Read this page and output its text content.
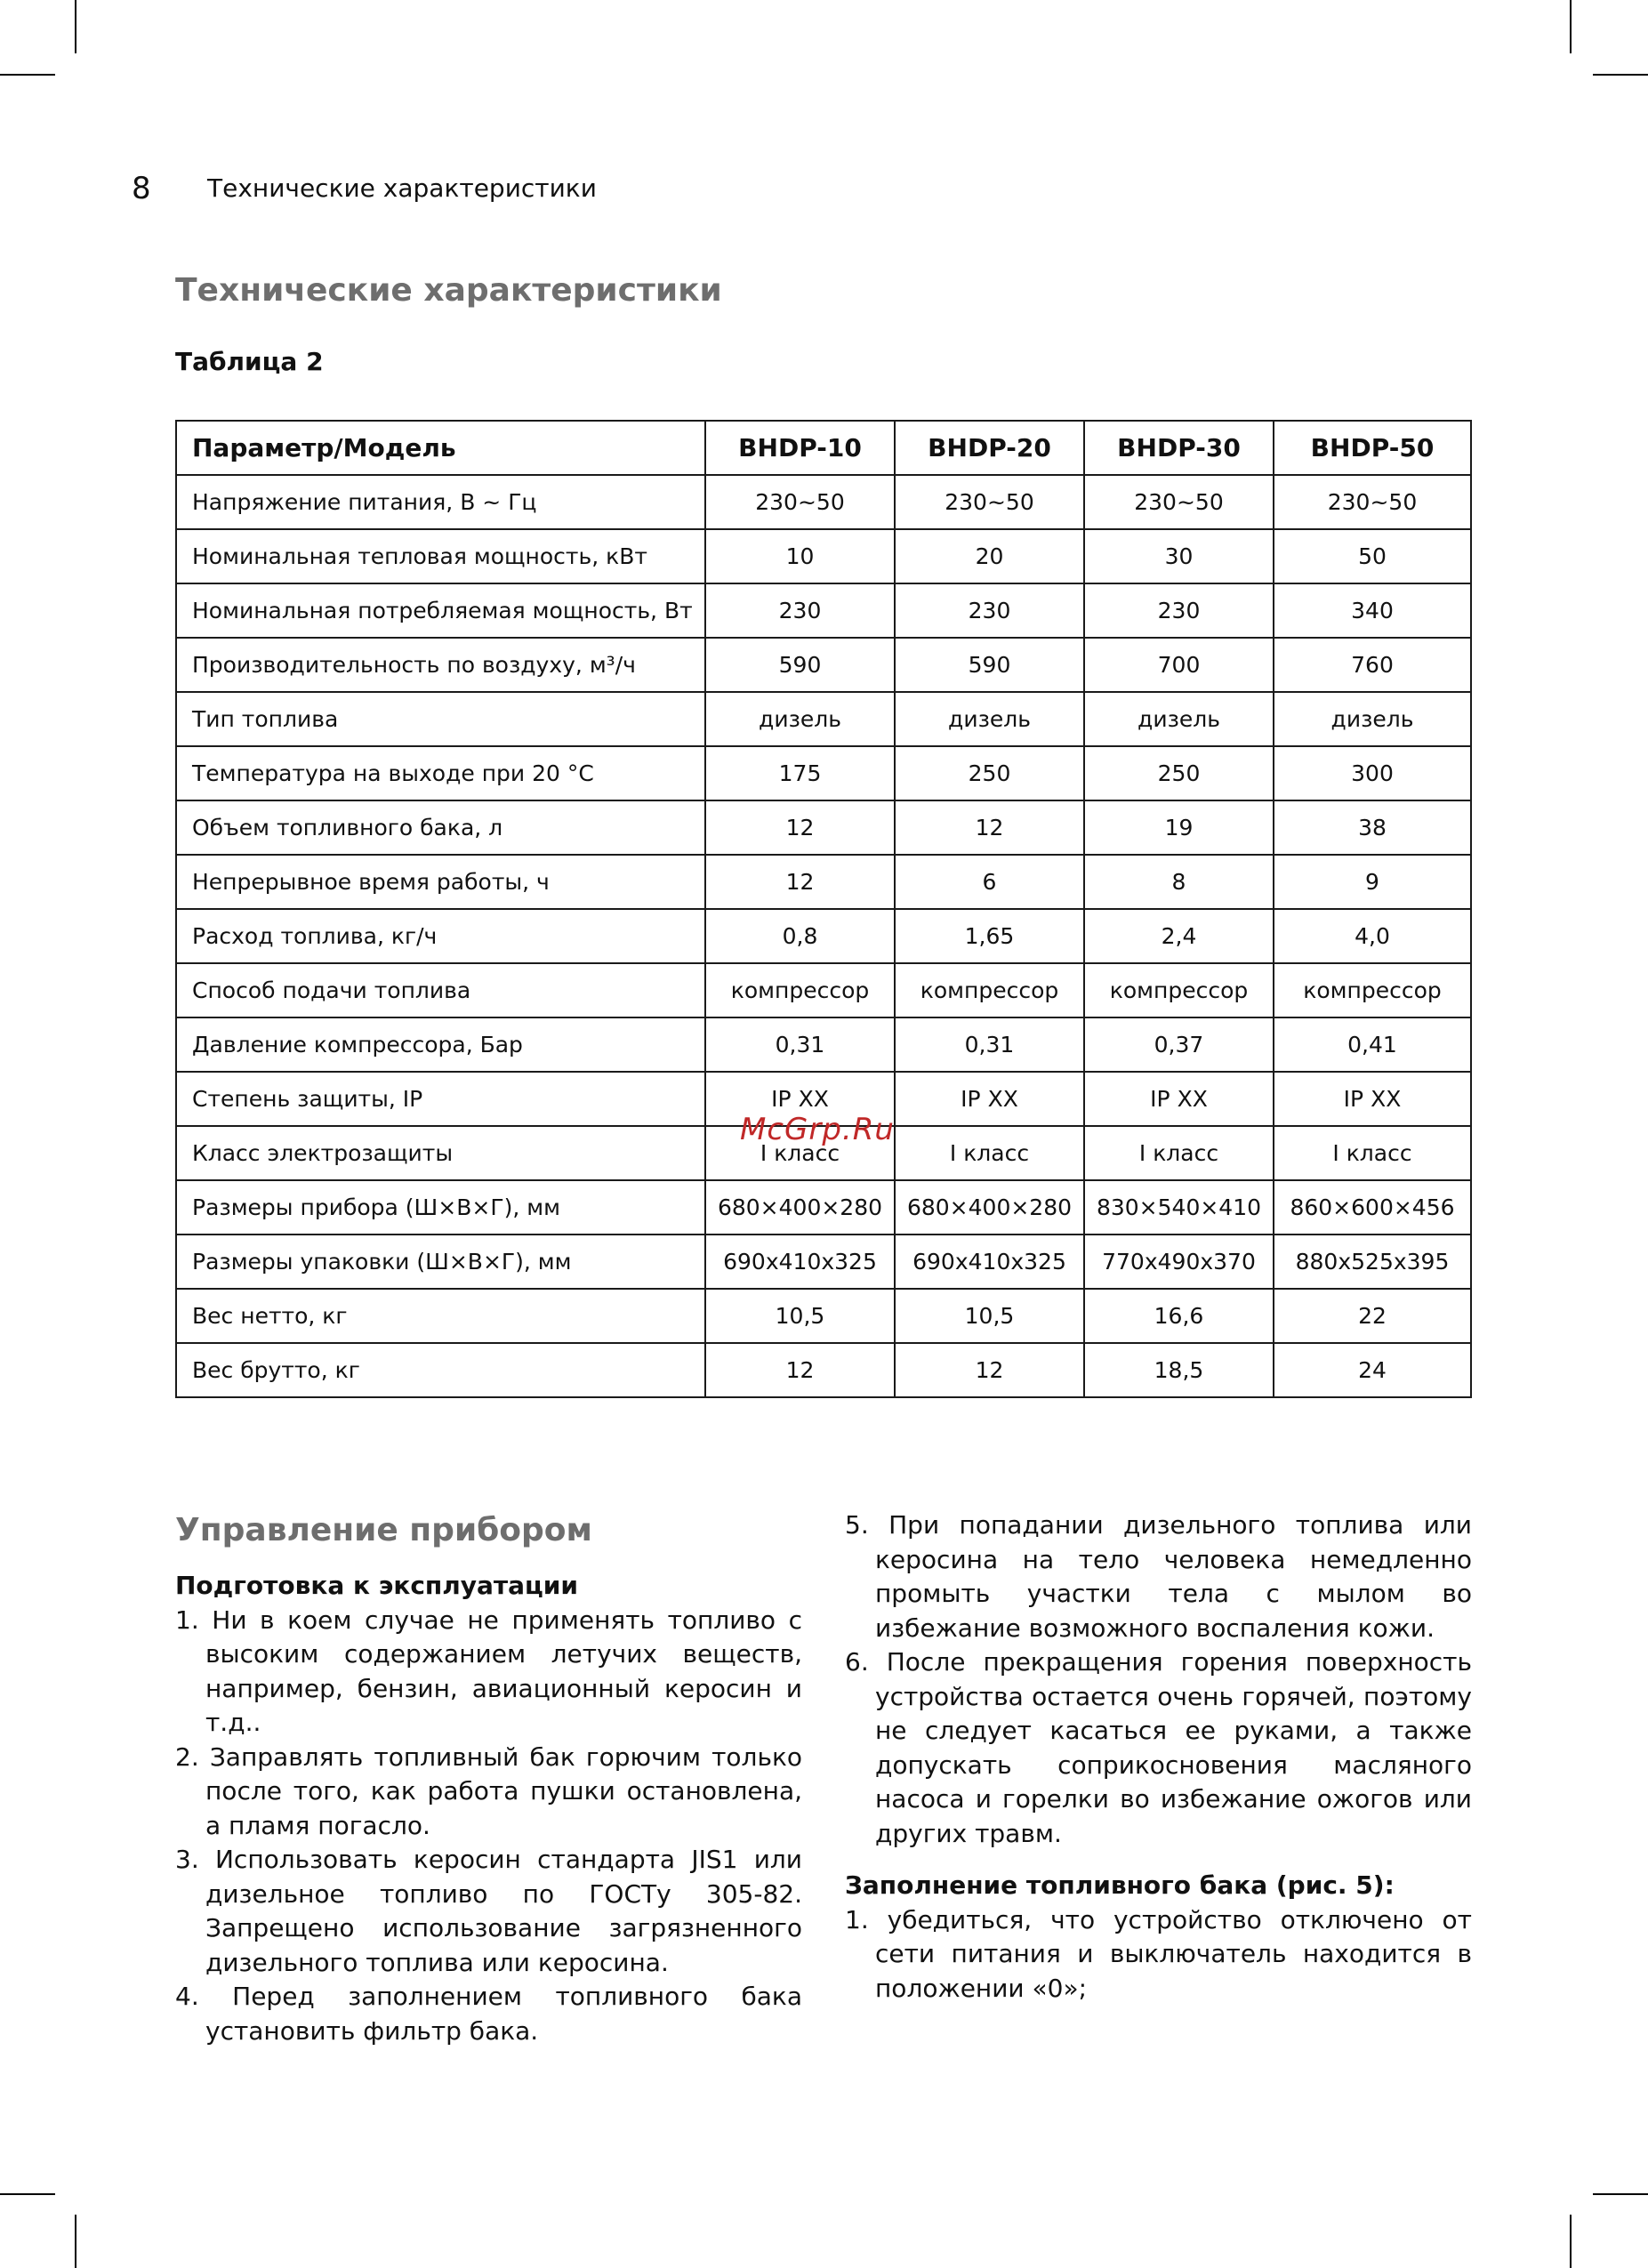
8 Технические характеристики
Технические характеристики
Таблица 2
Параметр/Модель	BHDP-10	BHDP-20	BHDP-30	BHDP-50
Напряжение питания, В ~ Гц	230~50	230~50	230~50	230~50
Номинальная тепловая мощность, кВт	10	20	30	50
Номинальная потребляемая мощность, Вт	230	230	230	340
Производительность по воздуху, м³/ч	590	590	700	760
Тип топлива	дизель	дизель	дизель	дизель
Температура на выходе при 20 °С	175	250	250	300
Объем топливного бака, л	12	12	19	38
Непрерывное время работы, ч	12	6	8	9
Расход топлива, кг/ч	0,8	1,65	2,4	4,0
Способ подачи топлива	компрессор	компрессор	компрессор	компрессор
Давление компрессора, Бар	0,31	0,31	0,37	0,41
Степень защиты, IP	IP XX	IP XX	IP XX	IP XX
Класс электрозащиты	I класс	I класс	I класс	I класс
Размеры прибора (Ш×В×Г), мм	680×400×280	680×400×280	830×540×410	860×600×456
Размеры упаковки (Ш×В×Г), мм	690x410x325	690x410x325	770x490x370	880x525x395
Вес нетто, кг	10,5	10,5	16,6	22
Вес брутто, кг	12	12	18,5	24
McGrp.Ru
Управление прибором
Подготовка к эксплуатации
1. Ни в коем случае не применять топливо с высоким содержанием летучих веществ, например, бензин, авиационный керосин и т.д..
2. Заправлять топливный бак горючим только после того, как работа пушки остановлена, а пламя погасло.
3. Использовать керосин стандарта JIS1 или дизельное топливо по ГОСТу 305-82. Запрещено использование загрязненного дизельного топлива или керосина.
4. Перед заполнением топливного бака установить фильтр бака.
5. При попадании дизельного топлива или керосина на тело человека немедленно промыть участки тела с мылом во избежание возможного воспаления кожи.
6. После прекращения горения поверхность устройства остается очень горячей, поэтому не следует касаться ее руками, а также допускать соприкосновения масляного насоса и горелки во избежание ожогов или других травм.
Заполнение топливного бака (рис. 5):
1. убедиться, что устройство отключено от сети питания и выключатель находится в положении «0»;
